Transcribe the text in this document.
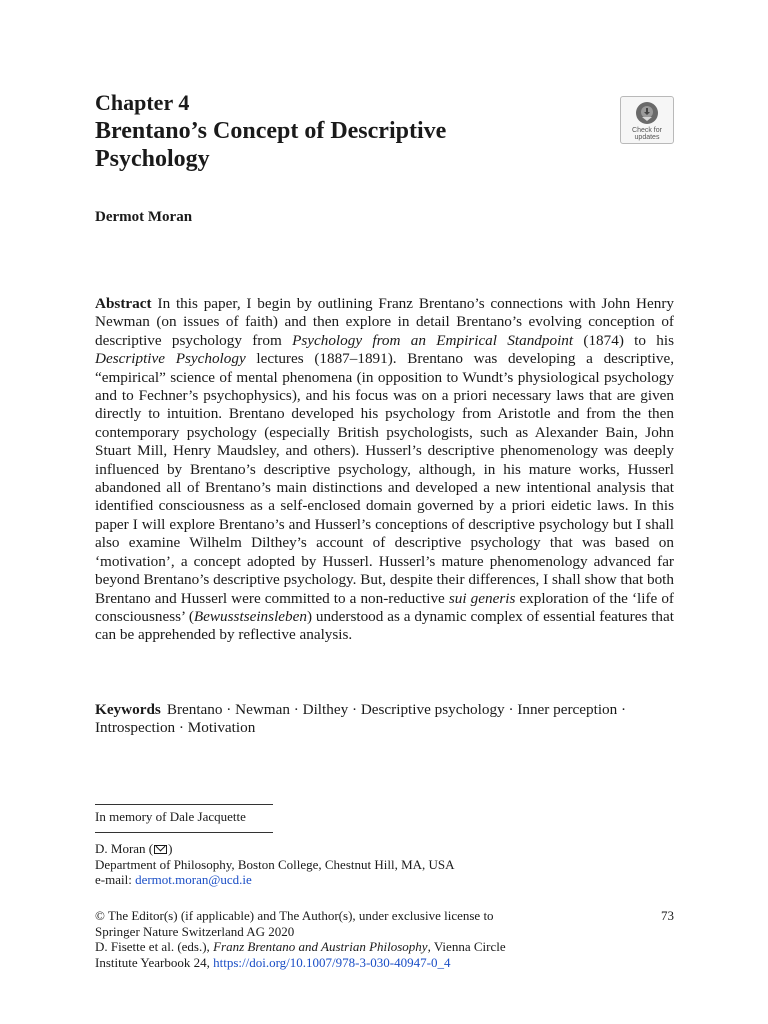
Chapter 4
Brentano’s Concept of Descriptive
Psychology
Check for
updates
Dermot Moran
Abstract In this paper, I begin by outlining Franz Brentano’s connections with John Henry Newman (on issues of faith) and then explore in detail Brentano’s evolving conception of descriptive psychology from Psychology from an Empirical Standpoint (1874) to his Descriptive Psychology lectures (1887–1891). Brentano was developing a descriptive, “empirical” science of mental phenomena (in opposition to Wundt’s physiological psychology and to Fechner’s psychophysics), and his focus was on a priori necessary laws that are given directly to intuition. Brentano developed his psychology from Aristotle and from the then contemporary psychology (especially British psychologists, such as Alexander Bain, John Stuart Mill, Henry Maudsley, and others). Husserl’s descriptive phenomenology was deeply influenced by Brentano’s descriptive psychology, although, in his mature works, Husserl abandoned all of Brentano’s main distinctions and developed a new intentional analysis that identified consciousness as a self-enclosed domain governed by a priori eidetic laws. In this paper I will explore Brentano’s and Husserl’s conceptions of descriptive psychology but I shall also examine Wilhelm Dilthey’s account of descriptive psychology that was based on ‘motivation’, a concept adopted by Husserl. Husserl’s mature phenomenology advanced far beyond Brentano’s descriptive psychology. But, despite their differences, I shall show that both Brentano and Husserl were committed to a non-reductive sui generis exploration of the ‘life of consciousness’ (Bewusstseinsleben) understood as a dynamic complex of essential features that can be apprehended by reflective analysis.
Keywords Brentano · Newman · Dilthey · Descriptive psychology · Inner perception · Introspection · Motivation
In memory of Dale Jacquette
D. Moran ( )
Department of Philosophy, Boston College, Chestnut Hill, MA, USA
e-mail: dermot.moran@ucd.ie
© The Editor(s) (if applicable) and The Author(s), under exclusive license to
Springer Nature Switzerland AG 2020
D. Fisette et al. (eds.), Franz Brentano and Austrian Philosophy, Vienna Circle
Institute Yearbook 24, https://doi.org/10.1007/978-3-030-40947-0_4
73
